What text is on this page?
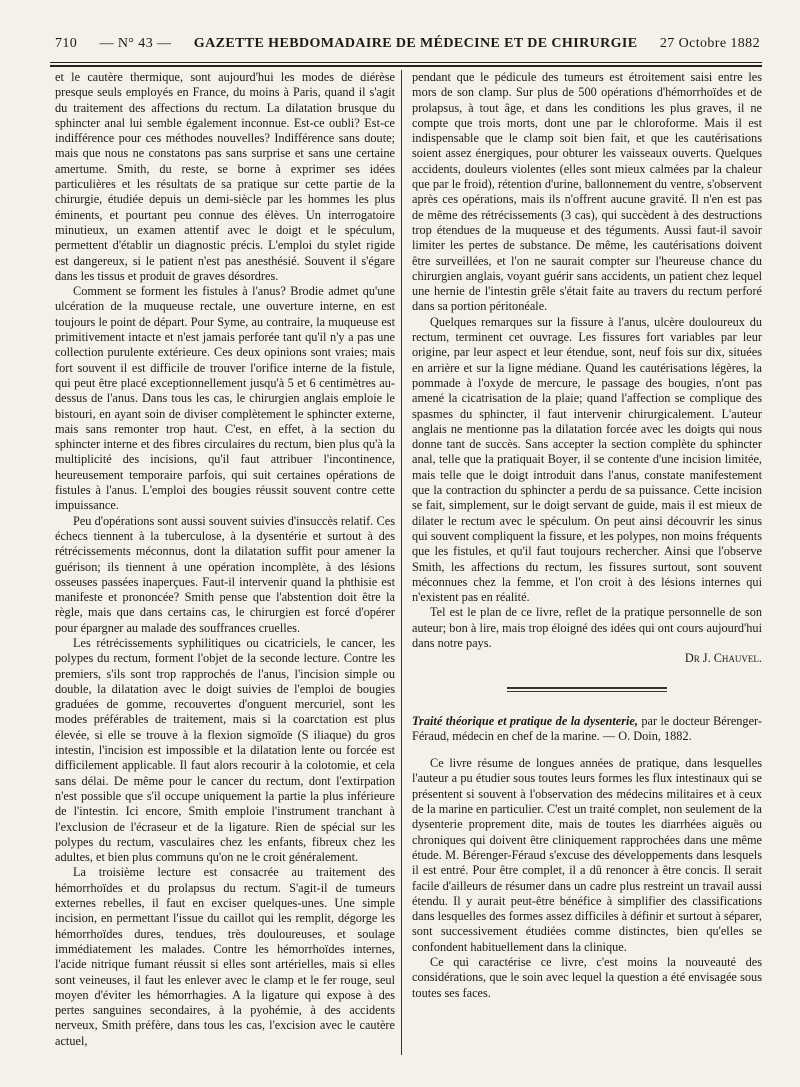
710 — N° 43 — GAZETTE HEBDOMADAIRE DE MÉDECINE ET DE CHIRURGIE 27 Octobre 1882

et le cautère thermique, sont aujourd'hui les modes de diérèse presque seuls employés en France, du moins à Paris, quand il s'agit du traitement des affections du rectum. La dilatation brusque du sphincter anal lui semble également inconnue. Est-ce oubli? Est-ce indifférence pour ces méthodes nouvelles? Indifférence sans doute; mais que nous ne constatons pas sans surprise et sans une certaine amertume. Smith, du reste, se borne à exprimer ses idées particulières et les résultats de sa pratique sur cette partie de la chirurgie, étudiée depuis un demi-siècle par les hommes les plus éminents, et pourtant peu connue des élèves. Un interrogatoire minutieux, un examen attentif avec le doigt et le spéculum, permettent d'établir un diagnostic précis. L'emploi du stylet rigide est dangereux, si le patient n'est pas anesthésié. Souvent il s'égare dans les tissus et produit de graves désordres.

Comment se forment les fistules à l'anus? Brodie admet qu'une ulcération de la muqueuse rectale, une ouverture interne, en est toujours le point de départ. Pour Syme, au contraire, la muqueuse est primitivement intacte et n'est jamais perforée tant qu'il n'y a pas une collection purulente extérieure. Ces deux opinions sont vraies; mais fort souvent il est difficile de trouver l'orifice interne de la fistule, qui peut être placé exceptionnellement jusqu'à 5 et 6 centimètres au-dessus de l'anus. Dans tous les cas, le chirurgien anglais emploie le bistouri, en ayant soin de diviser complètement le sphincter externe, mais sans remonter trop haut. C'est, en effet, à la section du sphincter interne et des fibres circulaires du rectum, bien plus qu'à la multiplicité des incisions, qu'il faut attribuer l'incontinence, heureusement temporaire parfois, qui suit certaines opérations de fistules à l'anus. L'emploi des bougies réussit souvent contre cette impuissance.

Peu d'opérations sont aussi souvent suivies d'insuccès relatif. Ces échecs tiennent à la tuberculose, à la dysentérie et surtout à des rétrécissements méconnus, dont la dilatation suffit pour amener la guérison; ils tiennent à une opération incomplète, à des lésions osseuses passées inaperçues. Faut-il intervenir quand la phthisie est manifeste et prononcée? Smith pense que l'abstention doit être la règle, mais que dans certains cas, le chirurgien est forcé d'opérer pour épargner au malade des souffrances cruelles.

Les rétrécissements syphilitiques ou cicatriciels, le cancer, les polypes du rectum, forment l'objet de la seconde lecture. Contre les premiers, s'ils sont trop rapprochés de l'anus, l'incision simple ou double, la dilatation avec le doigt suivies de l'emploi de bougies graduées de gomme, recouvertes d'onguent mercuriel, sont les modes préférables de traitement, mais si la coarctation est plus élevée, si elle se trouve à la flexion sigmoïde (S iliaque) du gros intestin, l'incision est impossible et la dilatation lente ou forcée est difficilement applicable. Il faut alors recourir à la colotomie, et cela sans délai. De même pour le cancer du rectum, dont l'extirpation n'est possible que s'il occupe uniquement la partie la plus inférieure de l'intestin. Ici encore, Smith emploie l'instrument tranchant à l'exclusion de l'écraseur et de la ligature. Rien de spécial sur les polypes du rectum, vasculaires chez les enfants, fibreux chez les adultes, et bien plus communs qu'on ne le croit généralement.

La troisième lecture est consacrée au traitement des hémorrhoïdes et du prolapsus du rectum. S'agit-il de tumeurs externes rebelles, il faut en exciser quelques-unes. Une simple incision, en permettant l'issue du caillot qui les remplit, dégorge les hémorrhoïdes dures, tendues, très douloureuses, et soulage immédiatement les malades. Contre les hémorrhoïdes internes, l'acide nitrique fumant réussit si elles sont artérielles, mais si elles sont veineuses, il faut les enlever avec le clamp et le fer rouge, seul moyen d'éviter les hémorrhagies. A la ligature qui expose à des pertes sanguines secondaires, à la pyohémie, à des accidents nerveux, Smith préfère, dans tous les cas, l'excision avec le cautère actuel,

pendant que le pédicule des tumeurs est étroitement saisi entre les mors de son clamp. Sur plus de 500 opérations d'hémorrhoïdes et de prolapsus, à tout âge, et dans les conditions les plus graves, il ne compte que trois morts, dont une par le chloroforme. Mais il est indispensable que le clamp soit bien fait, et que les cautérisations soient assez énergiques, pour obturer les vaisseaux ouverts. Quelques accidents, douleurs violentes (elles sont mieux calmées par la chaleur que par le froid), rétention d'urine, ballonnement du ventre, s'observent après ces opérations, mais ils n'offrent aucune gravité. Il n'en est pas de même des rétrécissements (3 cas), qui succèdent à des destructions trop étendues de la muqueuse et des téguments. Aussi faut-il savoir limiter les pertes de substance. De même, les cautérisations doivent être surveillées, et l'on ne saurait compter sur l'heureuse chance du chirurgien anglais, voyant guérir sans accidents, un patient chez lequel une hernie de l'intestin grêle s'était faite au travers du rectum perforé dans sa portion péritonéale.

Quelques remarques sur la fissure à l'anus, ulcère douloureux du rectum, terminent cet ouvrage. Les fissures fort variables par leur origine, par leur aspect et leur étendue, sont, neuf fois sur dix, situées en arrière et sur la ligne médiane. Quand les cautérisations légères, la pommade à l'oxyde de mercure, le passage des bougies, n'ont pas amené la cicatrisation de la plaie; quand l'affection se complique des spasmes du sphincter, il faut intervenir chirurgicalement. L'auteur anglais ne mentionne pas la dilatation forcée avec les doigts qui nous donne tant de succès. Sans accepter la section complète du sphincter anal, telle que la pratiquait Boyer, il se contente d'une incision limitée, mais telle que le doigt introduit dans l'anus, constate manifestement que la contraction du sphincter a perdu de sa puissance. Cette incision se fait, simplement, sur le doigt servant de guide, mais il est mieux de dilater le rectum avec le spéculum. On peut ainsi découvrir les sinus qui souvent compliquent la fissure, et les polypes, non moins fréquents que les fistules, et qu'il faut toujours rechercher. Ainsi que l'observe Smith, les affections du rectum, les fissures surtout, sont souvent méconnues chez la femme, et l'on croit à des lésions internes qui n'existent pas en réalité.

Tel est le plan de ce livre, reflet de la pratique personnelle de son auteur; bon à lire, mais trop éloigné des idées qui ont cours aujourd'hui dans notre pays.

Dr J. Chauvel.

Traité théorique et pratique de la dysenterie, par le docteur Bérenger-Féraud, médecin en chef de la marine. — O. Doin, 1882.

Ce livre résume de longues années de pratique, dans lesquelles l'auteur a pu étudier sous toutes leurs formes les flux intestinaux qui se présentent si souvent à l'observation des médecins militaires et à ceux de la marine en particulier. C'est un traité complet, non seulement de la dysenterie proprement dite, mais de toutes les diarrhées aiguës ou chroniques qui doivent être cliniquement rapprochées dans une même étude. M. Bérenger-Féraud s'excuse des développements dans lesquels il est entré. Pour être complet, il a dû renoncer à être concis. Il serait facile d'ailleurs de résumer dans un cadre plus restreint un travail aussi étendu. Il y aurait peut-être bénéfice à simplifier des classifications dans lesquelles des formes assez difficiles à définir et surtout à séparer, sont successivement étudiées comme distinctes, bien qu'elles se confondent habituellement dans la clinique.

Ce qui caractérise ce livre, c'est moins la nouveauté des considérations, que le soin avec lequel la question a été envisagée sous toutes ses faces.
